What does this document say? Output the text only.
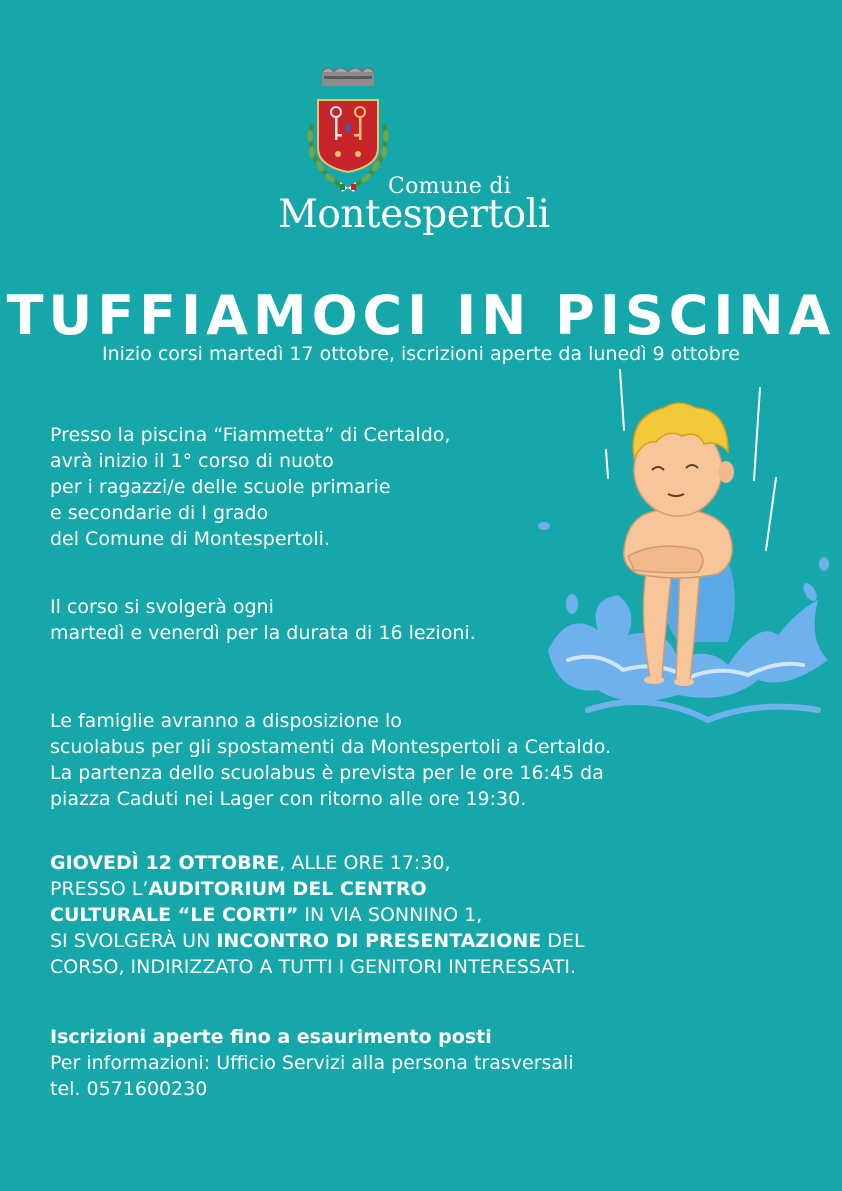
Comune di
Montespertoli
TUFFIAMOCI IN PISCINA
Inizio corsi martedì 17 ottobre, iscrizioni aperte da lunedì 9 ottobre

Presso la piscina “Fiammetta” di Certaldo,

avrà inizio il 1° corso di nuoto

per i ragazzi/e delle scuole primarie

e secondarie di I grado

del Comune di Montespertoli.

Il corso si svolgerà ogni

martedì e venerdì per la durata di 16 lezioni.

Le famiglie avranno a disposizione lo

scuolabus per gli spostamenti da Montespertoli a Certaldo.

La partenza dello scuolabus è prevista per le ore 16:45 da

piazza Caduti nei Lager con ritorno alle ore 19:30.

GIOVEDÌ 12 OTTOBRE, ALLE ORE 17:30,

PRESSO L’AUDITORIUM DEL CENTRO

CULTURALE “LE CORTI” IN VIA SONNINO 1,

SI SVOLGERÀ UN INCONTRO DI PRESENTAZIONE DEL

CORSO, INDIRIZZATO A TUTTI I GENITORI INTERESSATI.

Iscrizioni aperte fino a esaurimento posti

Per informazioni: Ufficio Servizi alla persona trasversali

tel. 0571600230
